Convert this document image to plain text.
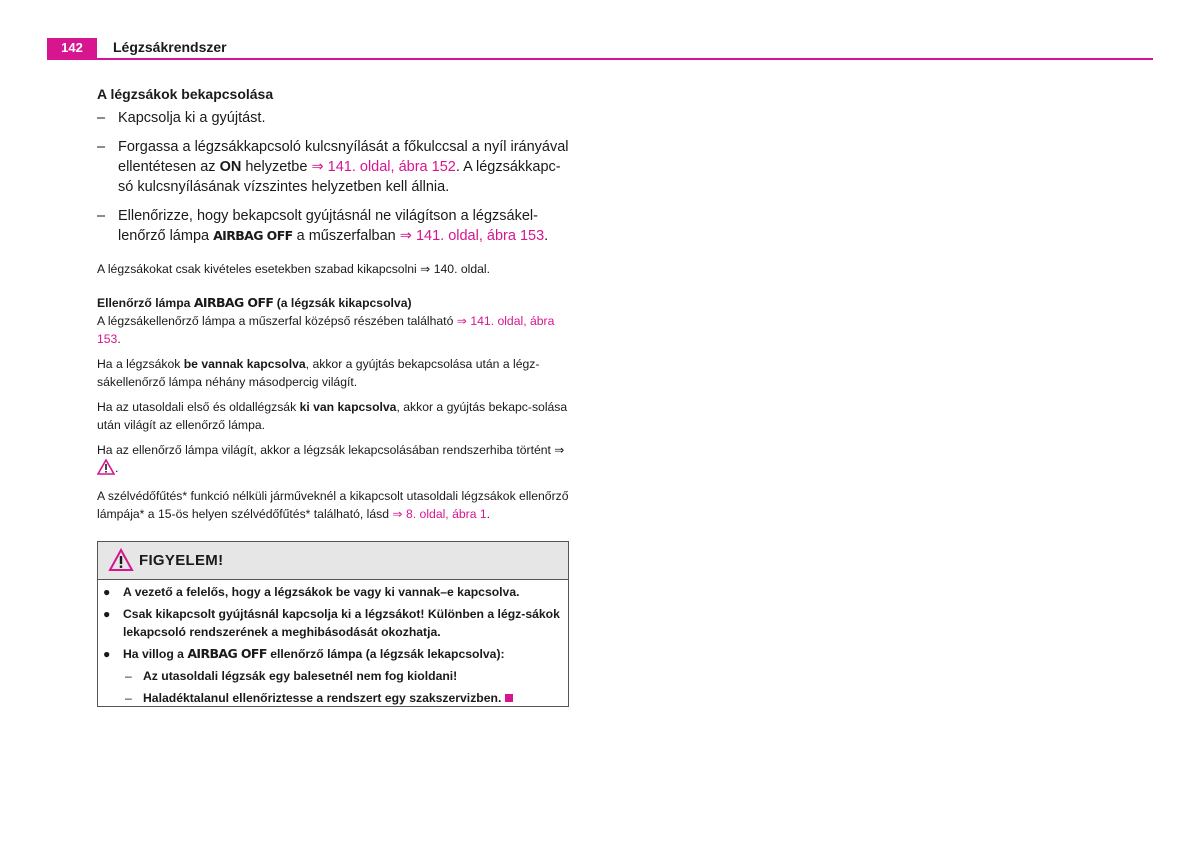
142	Légzsákrendszer
A légzsákok bekapcsolása
– Kapcsolja ki a gyújtást.
– Forgassa a légzsákkapcsoló kulcsnyílását a főkulccsal a nyíl irányával ellentétesen az ON helyzetbe ⇒ 141. oldal, ábra 152. A légzsákkapc-só kulcsnyílásának vízszintes helyzetben kell állnia.
– Ellenőrizze, hogy bekapcsolt gyújtásnál ne világítson a légzsákel-lenőrző lámpa AIRBAG OFF a műszerfalban ⇒ 141. oldal, ábra 153.

A légzsákokat csak kivételes esetekben szabad kikapcsolni ⇒ 140. oldal.

Ellenőrző lámpa AIRBAG OFF (a légzsák kikapcsolva)

A légzsákellenőrző lámpa a műszerfal középső részében található ⇒ 141. oldal, ábra 153.

Ha a légzsákok be vannak kapcsolva, akkor a gyújtás bekapcsolása után a légz-sákellenőrző lámpa néhány másodpercig világít.

Ha az utasoldali első és oldallégzsák ki van kapcsolva, akkor a gyújtás bekapc-solása után világít az ellenőrző lámpa.

Ha az ellenőrző lámpa világít, akkor a légzsák lekapcsolásában rendszerhiba történt ⇒ .

A szélvédőfűtés* funkció nélküli járműveknél a kikapcsolt utasoldali légzsákok ellenőrző lámpája* a 15-ös helyen szélvédőfűtés* található, lásd ⇒ 8. oldal, ábra 1.

FIGYELEM!
● A vezető a felelős, hogy a légzsákok be vagy ki vannak–e kapcsolva.
● Csak kikapcsolt gyújtásnál kapcsolja ki a légzsákot! Különben a légz-sákok lekapcsoló rendszerének a meghibásodását okozhatja.
● Ha villog a AIRBAG OFF ellenőrző lámpa (a légzsák lekapcsolva):
– Az utasoldali légzsák egy balesetnél nem fog kioldani!
– Haladéktalanul ellenőriztesse a rendszert egy szakszervizben.
